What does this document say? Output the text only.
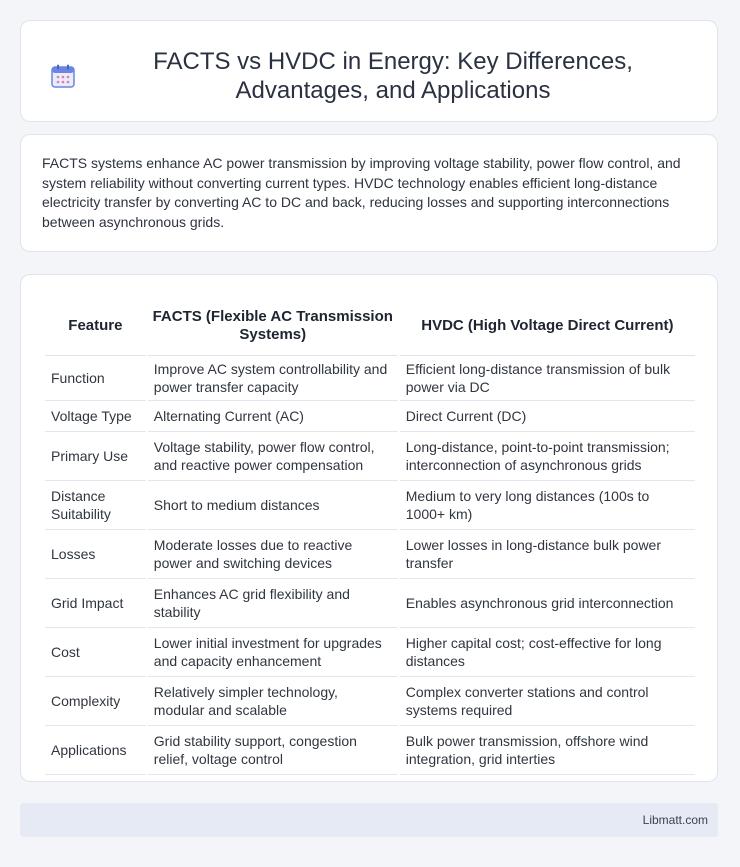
FACTS vs HVDC in Energy: Key Differences, Advantages, and Applications

FACTS systems enhance AC power transmission by improving voltage stability, power flow control, and system reliability without converting current types. HVDC technology enables efficient long-distance electricity transfer by converting AC to DC and back, reducing losses and supporting interconnections between asynchronous grids.

Feature	FACTS (Flexible AC Transmission Systems)	HVDC (High Voltage Direct Current)
Function	Improve AC system controllability and power transfer capacity	Efficient long-distance transmission of bulk power via DC
Voltage Type	Alternating Current (AC)	Direct Current (DC)
Primary Use	Voltage stability, power flow control, and reactive power compensation	Long-distance, point-to-point transmission; interconnection of asynchronous grids
Distance Suitability	Short to medium distances	Medium to very long distances (100s to 1000+ km)
Losses	Moderate losses due to reactive power and switching devices	Lower losses in long-distance bulk power transfer
Grid Impact	Enhances AC grid flexibility and stability	Enables asynchronous grid interconnection
Cost	Lower initial investment for upgrades and capacity enhancement	Higher capital cost; cost-effective for long distances
Complexity	Relatively simpler technology, modular and scalable	Complex converter stations and control systems required
Applications	Grid stability support, congestion relief, voltage control	Bulk power transmission, offshore wind integration, grid interties
Libmatt.com
